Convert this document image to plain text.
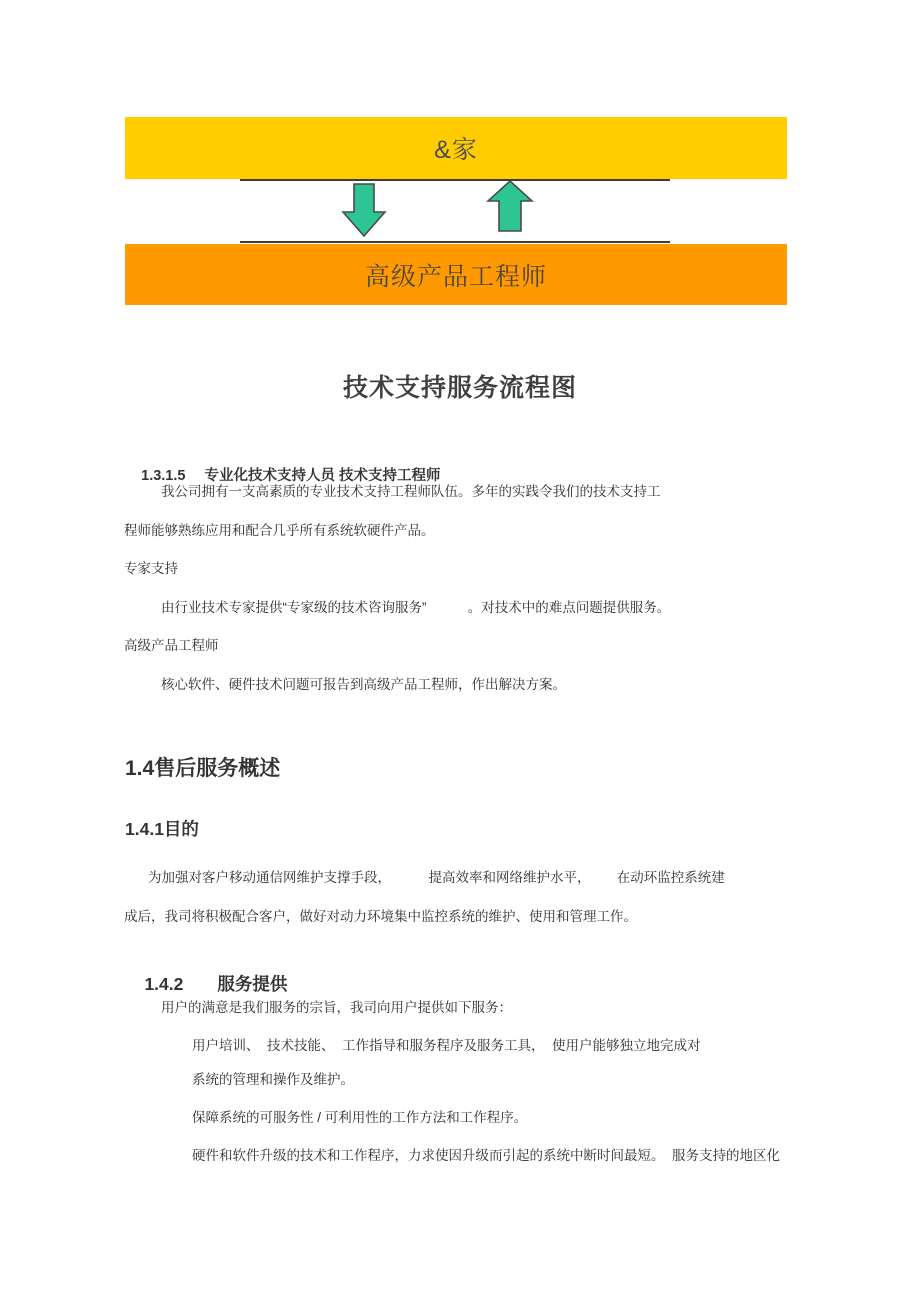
&家
高级产品工程师
技术支持服务流程图

1.3.1.5 专业化技术支持人员 技术支持工程师

我公司拥有一支高素质的专业技术支持工程师队伍。多年的实践令我们的技术支持工
程师能够熟练应用和配合几乎所有系统软硬件产品。
专家支持
由行业技术专家提供“专家级的技术咨询服务”           。对技术中的难点问题提供服务。
高级产品工程师
核心软件、硬件技术问题可报告到高级产品工程师，作出解决方案。
1.4售后服务概述
1.4.1目的
为加强对客户移动通信网维护支撑手段，          提高效率和网络维护水平，       在动环监控系统建
成后，我司将积极配合客户，做好对动力环境集中监控系统的维护、使用和管理工作。

1.4.2 服务提供

用户的满意是我们服务的宗旨，我司向用户提供如下服务：
用户培训、  技术技能、  工作指导和服务程序及服务工具，  使用户能够独立地完成对
系统的管理和操作及维护。
保障系统的可服务性 / 可利用性的工作方法和工作程序。
硬件和软件升级的技术和工作程序，力求使因升级而引起的系统中断时间最短。  服务支持的地区化
